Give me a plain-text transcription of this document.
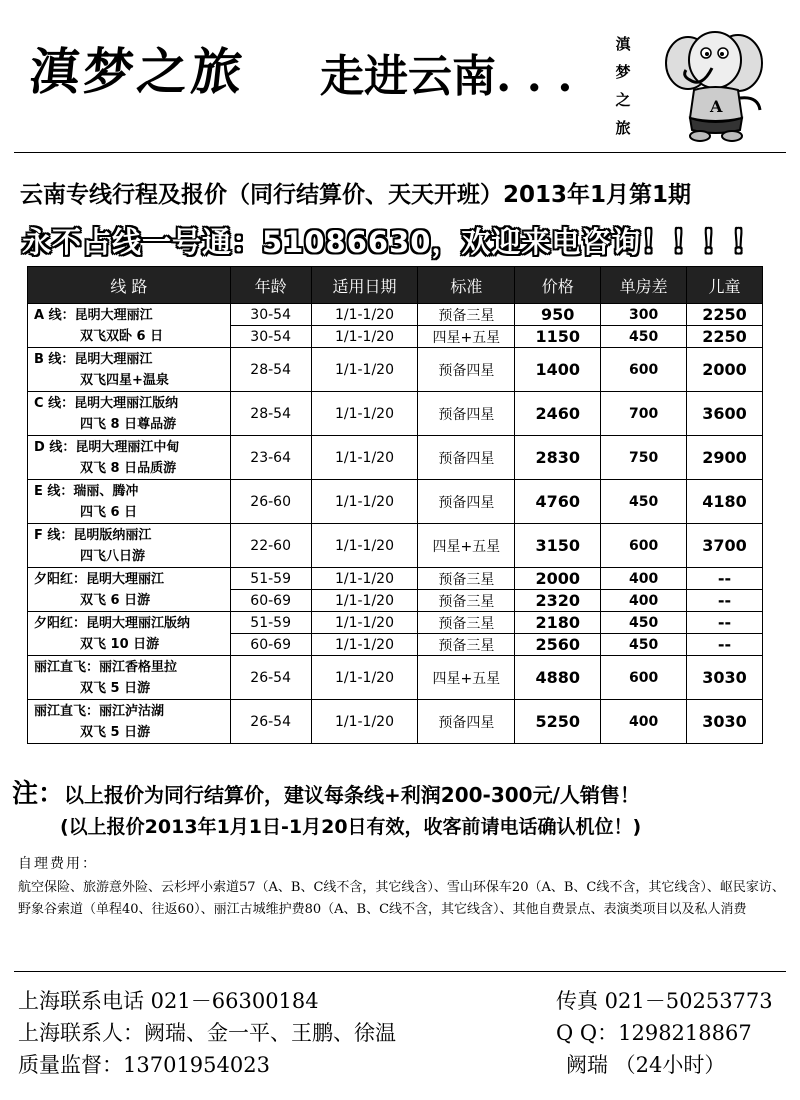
滇梦之旅 走进云南. . .
滇
梦
之
旅
A
云南专线行程及报价（同行结算价、天天开班）2013年1月第1期
永不占线一号通：51086630，欢迎来电咨询！！！！
线 路	年龄	适用日期	标准	价格	单房差	儿童
A 线：昆明大理丽江
双飞双卧 6 日	30-54	1/1-1/20	预备三星	950	300	2250
	30-54	1/1-1/20	四星+五星	1150	450	2250
B 线：昆明大理丽江
双飞四星+温泉	28-54	1/1-1/20	预备四星	1400	600	2000
C 线：昆明大理丽江版纳
四飞 8 日尊品游	28-54	1/1-1/20	预备四星	2460	700	3600
D 线：昆明大理丽江中甸
双飞 8 日品质游	23-64	1/1-1/20	预备四星	2830	750	2900
E 线：瑞丽、腾冲
四飞 6 日	26-60	1/1-1/20	预备四星	4760	450	4180
F 线：昆明版纳丽江
四飞八日游	22-60	1/1-1/20	四星+五星	3150	600	3700
夕阳红：昆明大理丽江
双飞 6 日游	51-59	1/1-1/20	预备三星	2000	400	--
	60-69	1/1-1/20	预备三星	2320	400	--
夕阳红：昆明大理丽江版纳
双飞 10 日游	51-59	1/1-1/20	预备三星	2180	450	--
	60-69	1/1-1/20	预备三星	2560	450	--
丽江直飞：丽江香格里拉
双飞 5 日游	26-54	1/1-1/20	四星+五星	4880	600	3030
丽江直飞：丽江泸沽湖
双飞 5 日游	26-54	1/1-1/20	预备四星	5250	400	3030
注：以上报价为同行结算价，建议每条线+利润200-300元/人销售！
(以上报价2013年1月1日-1月20日有效，收客前请电话确认机位！)
自理费用：
航空保险、旅游意外险、云杉坪小索道57（A、B、C线不含，其它线含）、雪山环保车20（A、B、C线不含，其它线含）、岖民家访、野象谷索道（单程40、往返60）、丽江古城维护费80（A、B、C线不含，其它线含）、其他自费景点、表演类项目以及私人消费
上海联系电话 021－66300184	传真 021－50253773
上海联系人：阙瑞、金一平、王鹏、徐温	Q Q：1298218867
质量监督：13701954023	阙瑞 （24小时）
